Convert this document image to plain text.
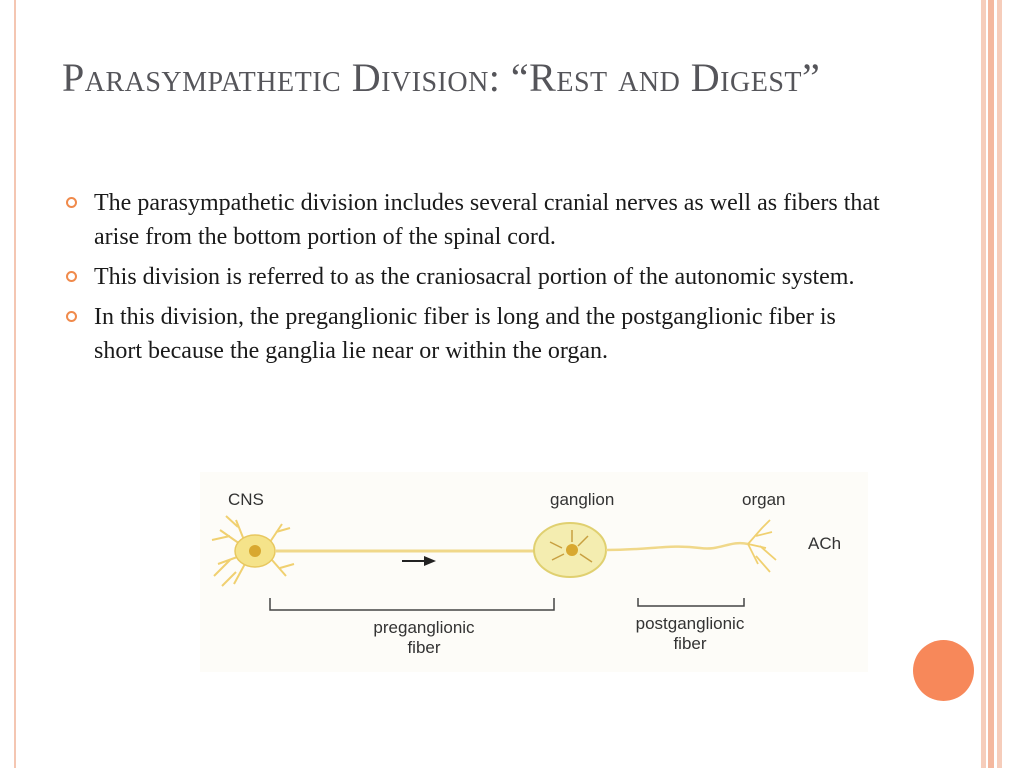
Parasympathetic Division: “Rest and Digest”
The parasympathetic division includes several cranial nerves as well as fibers that arise from the bottom portion of the spinal cord.
This division is referred to as the craniosacral portion of the autonomic system.
In this division, the preganglionic fiber is long and the postganglionic fiber is short because the ganglia lie near or within the organ.
CNS	ganglion	organ
ACh
preganglionic
fiber
postganglionic
fiber
